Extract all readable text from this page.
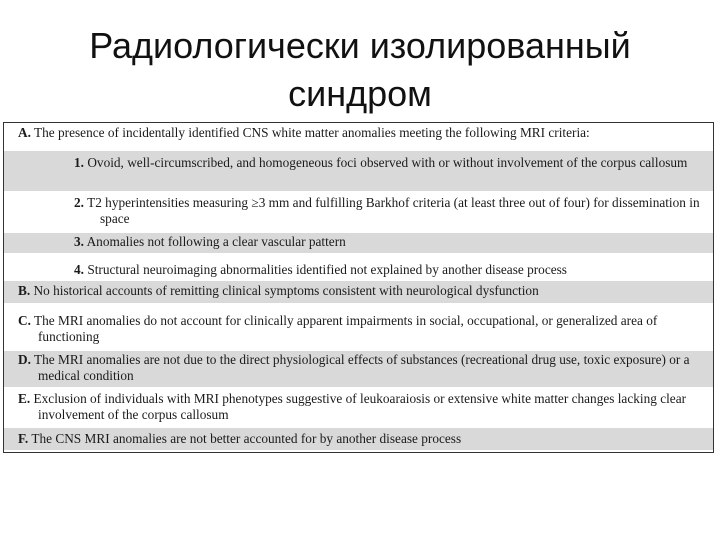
Радиологически изолированный
синдром
A. The presence of incidentally identified CNS white matter anomalies meeting the following MRI criteria:
1. Ovoid, well-circumscribed, and homogeneous foci observed with or without involvement of the corpus callosum
2. T2 hyperintensities measuring ≥3 mm and fulfilling Barkhof criteria (at least three out of four) for dissemination in space
3. Anomalies not following a clear vascular pattern
4. Structural neuroimaging abnormalities identified not explained by another disease process
B. No historical accounts of remitting clinical symptoms consistent with neurological dysfunction
C. The MRI anomalies do not account for clinically apparent impairments in social, occupational, or generalized area of functioning
D. The MRI anomalies are not due to the direct physiological effects of substances (recreational drug use, toxic exposure) or a medical condition
E. Exclusion of individuals with MRI phenotypes suggestive of leukoaraiosis or extensive white matter changes lacking clear involvement of the corpus callosum
F. The CNS MRI anomalies are not better accounted for by another disease process
